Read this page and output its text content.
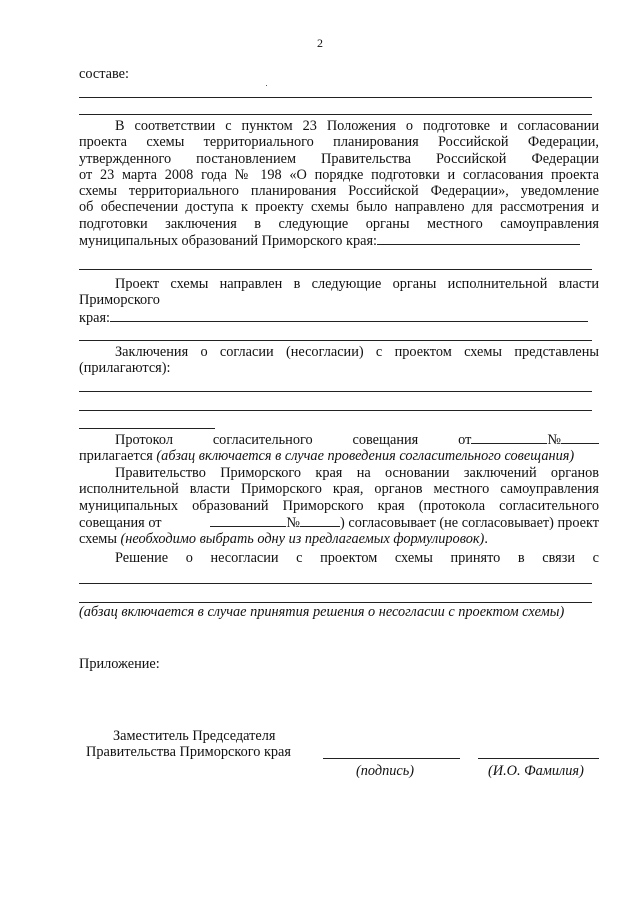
2
составе:
В соответствии с пунктом 23 Положения о подготовке и согласовании
проекта схемы территориального планирования Российской Федерации,
утвержденного постановлением Правительства Российской Федерации
от 23 марта 2008 года № 198 «О порядке подготовки и согласования проекта
схемы территориального планирования Российской Федерации», уведомление
об обеспечении доступа к проекту схемы было направлено для рассмотрения и
подготовки заключения в следующие органы местного самоуправления
муниципальных образований Приморского края:
Проект схемы направлен в следующие органы исполнительной власти
Приморского
края:
Заключения о согласии (несогласии) с проектом схемы представлены
(прилагаются):
Протокол	согласительного	совещания	от	№
прилагается (абзац включается в случае проведения согласительного совещания)
Правительство Приморского края на основании заключений органов
исполнительной власти Приморского края, органов местного самоуправления
муниципальных образований Приморского края (протокола согласительного
совещания от	№	) согласовывает (не согласовывает) проект
схемы (необходимо выбрать одну из предлагаемых формулировок).
Решение о несогласии с проектом схемы принято в связи с
(абзац включается в случае принятия решения о несогласии с проектом схемы)
Приложение:
Заместитель Председателя
Правительства Приморского края
(подпись)	(И.О. Фамилия)
